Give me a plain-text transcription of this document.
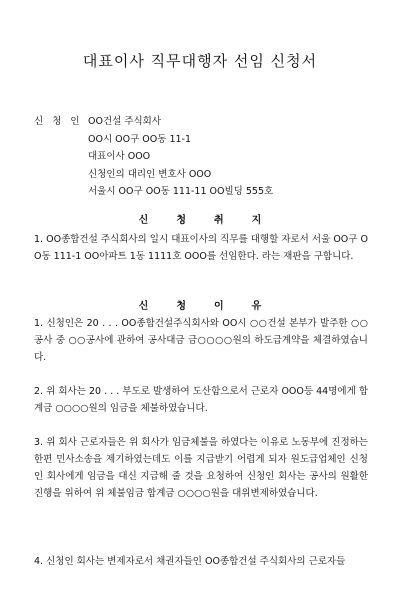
대표이사 직무대행자 선임 신청서
신 청 인 OO건설 주식회사
OO시 OO구 OO동 11-1
대표이사 OOO
신청인의 대리인 변호사 OOO
서울시 OO구 OO동 111-11 OO빌딩 555호
신	청	취	지
1. OO종합건설 주식회사의 일시 대표이사의 직무를 대행할 자로서 서울 OO구 OO동 111-1 OO아파트 1동 1111호 OOO를 선임한다. 라는 재판을 구합니다.
신	청	이	유
1. 신청인은 20 . . . OO종합건설주식회사와 OO시 ○○건설 본부가 발주한 ○○공사 중 ○○공사에 관하여 공사대금 금○○○○원의 하도급계약을 체결하였습니다.
2. 위 회사는 20 . . . 부도로 발생하여 도산함으로서 근로자 OOO등 44명에게 합계금 ○○○○원의 임금을 체불하였습니다.
3. 위 회사 근로자들은 위 회사가 임금체불을 하였다는 이유로 노동부에 진정하는 한편 민사소송을 제기하였는데도 이를 지급받기 어렵게 되자 원도급업체인 신청인 회사에게 임금을 대신 지급해 줄 것을 요청하여 신청인 회사는 공사의 원활한 진행을 위하여 위 체불임금 합계금 ○○○○원을 대위변제하였습니다.
4. 신청인 회사는 변제자로서 채권자들인 OO종합건설 주식회사의 근로자들
